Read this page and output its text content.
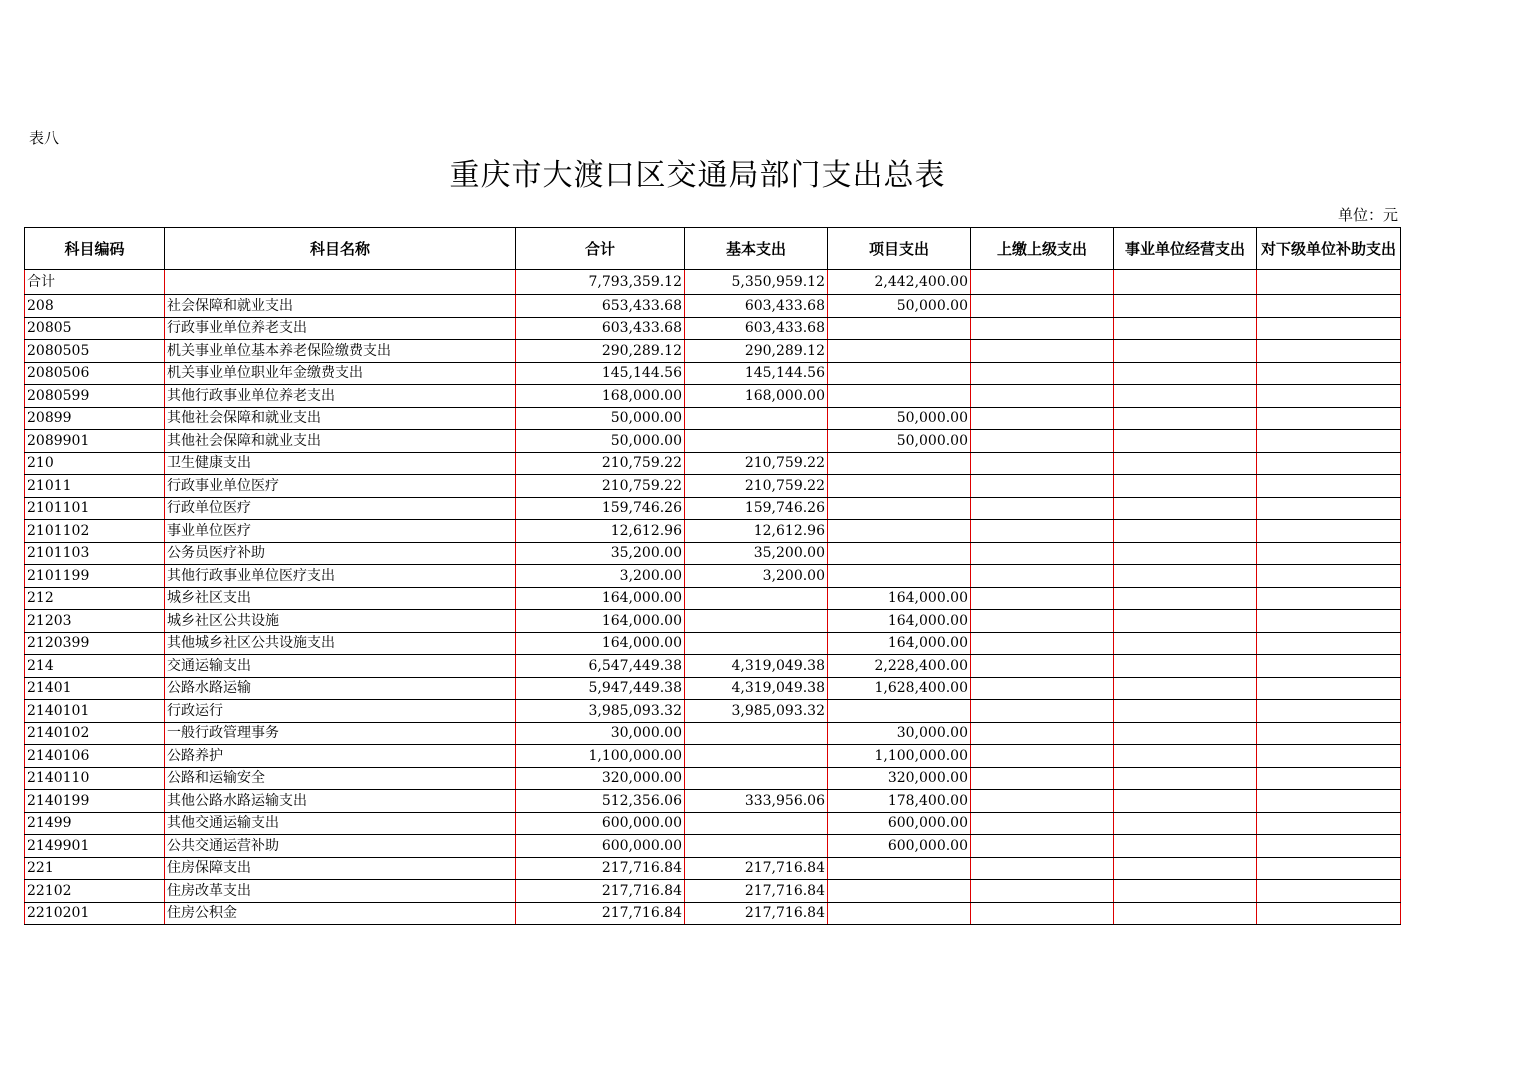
表八
重庆市大渡口区交通局部门支出总表
单位：元
科目编码	科目名称	合计	基本支出	项目支出	上缴上级支出	事业单位经营支出	对下级单位补助支出
合计		7,793,359.12	5,350,959.12	2,442,400.00			
208	社会保障和就业支出	653,433.68	603,433.68	50,000.00			
20805	行政事业单位养老支出	603,433.68	603,433.68				
2080505	机关事业单位基本养老保险缴费支出	290,289.12	290,289.12				
2080506	机关事业单位职业年金缴费支出	145,144.56	145,144.56				
2080599	其他行政事业单位养老支出	168,000.00	168,000.00				
20899	其他社会保障和就业支出	50,000.00		50,000.00			
2089901	其他社会保障和就业支出	50,000.00		50,000.00			
210	卫生健康支出	210,759.22	210,759.22				
21011	行政事业单位医疗	210,759.22	210,759.22				
2101101	行政单位医疗	159,746.26	159,746.26				
2101102	事业单位医疗	12,612.96	12,612.96				
2101103	公务员医疗补助	35,200.00	35,200.00				
2101199	其他行政事业单位医疗支出	3,200.00	3,200.00				
212	城乡社区支出	164,000.00		164,000.00			
21203	城乡社区公共设施	164,000.00		164,000.00			
2120399	其他城乡社区公共设施支出	164,000.00		164,000.00			
214	交通运输支出	6,547,449.38	4,319,049.38	2,228,400.00			
21401	公路水路运输	5,947,449.38	4,319,049.38	1,628,400.00			
2140101	行政运行	3,985,093.32	3,985,093.32				
2140102	一般行政管理事务	30,000.00		30,000.00			
2140106	公路养护	1,100,000.00		1,100,000.00			
2140110	公路和运输安全	320,000.00		320,000.00			
2140199	其他公路水路运输支出	512,356.06	333,956.06	178,400.00			
21499	其他交通运输支出	600,000.00		600,000.00			
2149901	公共交通运营补助	600,000.00		600,000.00			
221	住房保障支出	217,716.84	217,716.84				
22102	住房改革支出	217,716.84	217,716.84				
2210201	住房公积金	217,716.84	217,716.84				
